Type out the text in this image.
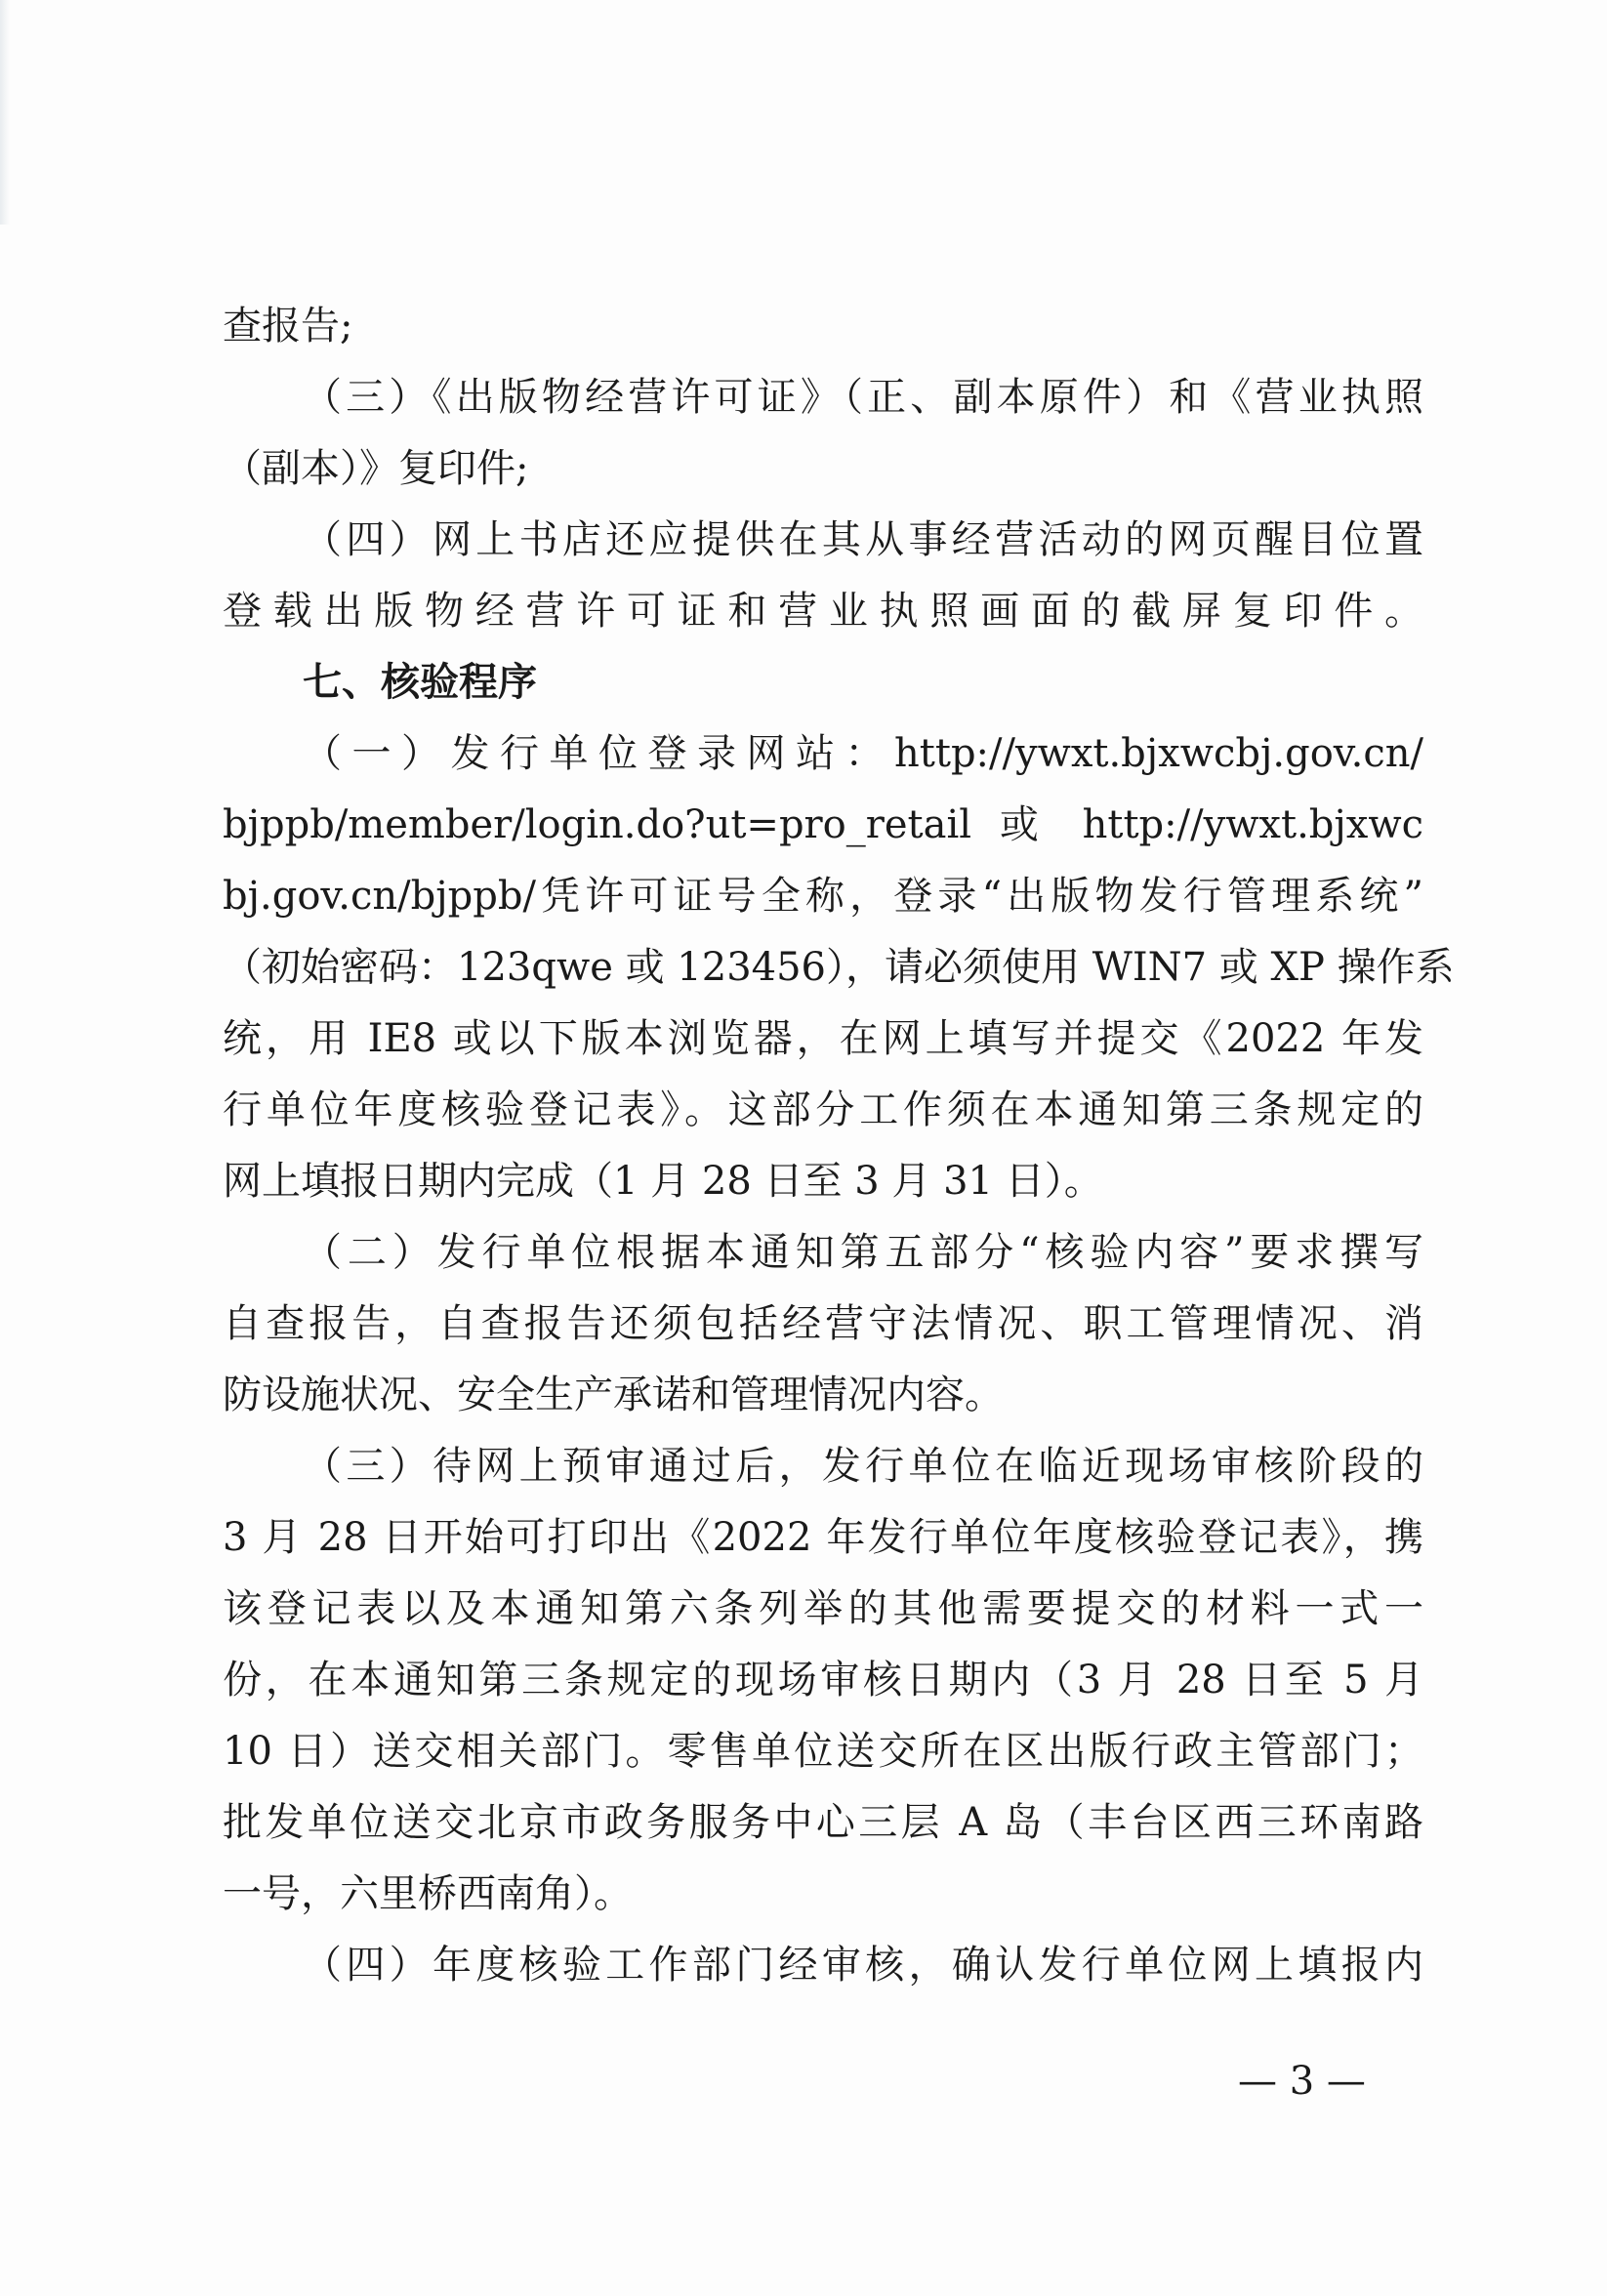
查报告;
（三）《出版物经营许可证》（正、副本原件）和《营业执照
（副本）》复印件;
（四）网上书店还应提供在其从事经营活动的网页醒目位置
登载出版物经营许可证和营业执照画面的截屏复印件。
七、核验程序
（一）发行单位登录网站：http://ywxt.bjxwcbj.gov.cn/
bjppb/member/login.do?ut=pro_retail 或 http://ywxt.bjxwc
bj.gov.cn/bjppb/凭许可证号全称，登录“出版物发行管理系统”
（初始密码：123qwe 或 123456），请必须使用 WIN7 或 XP 操作系
统，用 IE8 或以下版本浏览器，在网上填写并提交《2022 年发
行单位年度核验登记表》。这部分工作须在本通知第三条规定的
网上填报日期内完成（1 月 28 日至 3 月 31 日）。
（二）发行单位根据本通知第五部分“核验内容”要求撰写
自查报告，自查报告还须包括经营守法情况、职工管理情况、消
防设施状况、安全生产承诺和管理情况内容。
（三）待网上预审通过后，发行单位在临近现场审核阶段的
3 月 28 日开始可打印出《2022 年发行单位年度核验登记表》，携
该登记表以及本通知第六条列举的其他需要提交的材料一式一
份，在本通知第三条规定的现场审核日期内（3 月 28 日至 5 月
10 日）送交相关部门。零售单位送交所在区出版行政主管部门；
批发单位送交北京市政务服务中心三层 A 岛（丰台区西三环南路
一号，六里桥西南角）。
（四）年度核验工作部门经审核，确认发行单位网上填报内
— 3 —
